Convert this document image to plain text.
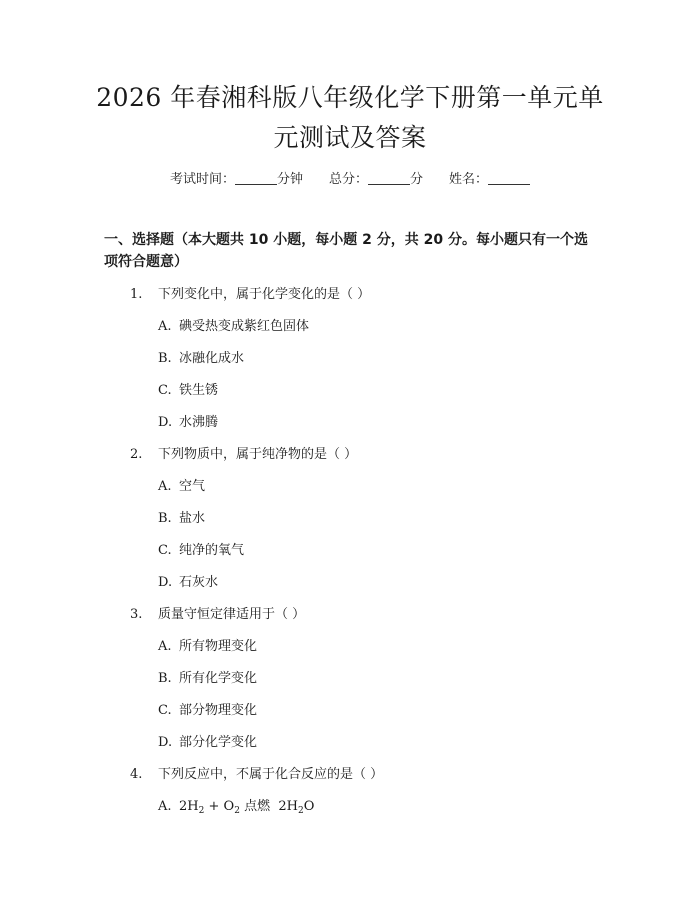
2026 年春湘科版八年级化学下册第一单元单
元测试及答案
考试时间：	分钟 总分：	分 姓名：
一、选择题（本大题共 10 小题，每小题 2 分，共 20 分。每小题只有一个选项符合题意）
1. 下列变化中，属于化学变化的是（ ）
A. 碘受热变成紫红色固体
B. 冰融化成水
C. 铁生锈
D. 水沸腾
2. 下列物质中，属于纯净物的是（ ）
A. 空气
B. 盐水
C. 纯净的氧气
D. 石灰水
3. 质量守恒定律适用于（ ）
A. 所有物理变化
B. 所有化学变化
C. 部分物理变化
D. 部分化学变化
4. 下列反应中，不属于化合反应的是（ ）
A. $2H_2 + O_2$ 点燃 $2H_2O$
